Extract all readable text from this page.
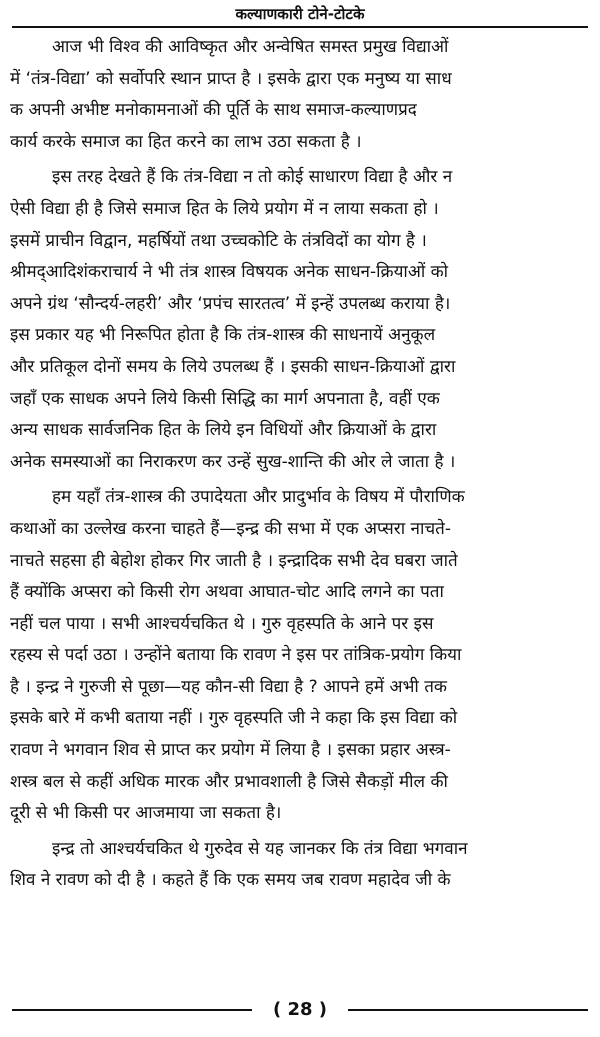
कल्याणकारी टोने-टोटके
आज भी विश्व की आविष्कृत और अन्वेषित समस्त प्रमुख विद्याओं
में ‘तंत्र-विद्या’ को सर्वोपरि स्थान प्राप्त है । इसके द्वारा एक मनुष्य या साध
क अपनी अभीष्ट मनोकामनाओं की पूर्ति के साथ समाज-कल्याणप्रद
कार्य करके समाज का हित करने का लाभ उठा सकता है ।
इस तरह देखते हैं कि तंत्र-विद्या न तो कोई साधारण विद्या है और न
ऐसी विद्या ही है जिसे समाज हित के लिये प्रयोग में न लाया सकता हो ।
इसमें प्राचीन विद्वान, महर्षियों तथा उच्चकोटि के तंत्रविदों का योग है ।
श्रीमद्आदिशंकराचार्य ने भी तंत्र शास्त्र विषयक अनेक साधन-क्रियाओं को
अपने ग्रंथ ‘सौन्दर्य-लहरी’ और ‘प्रपंच सारतत्व’ में इन्हें उपलब्ध कराया है।
इस प्रकार यह भी निरूपित होता है कि तंत्र-शास्त्र की साधनायें अनुकूल
और प्रतिकूल दोनों समय के लिये उपलब्ध हैं । इसकी साधन-क्रियाओं द्वारा
जहाँ एक साधक अपने लिये किसी सिद्धि का मार्ग अपनाता है, वहीं एक
अन्य साधक सार्वजनिक हित के लिये इन विधियों और क्रियाओं के द्वारा
अनेक समस्याओं का निराकरण कर उन्हें सुख-शान्ति की ओर ले जाता है ।
हम यहाँ तंत्र-शास्त्र की उपादेयता और प्रादुर्भाव के विषय में पौराणिक
कथाओं का उल्लेख करना चाहते हैं—इन्द्र की सभा में एक अप्सरा नाचते-
नाचते सहसा ही बेहोश होकर गिर जाती है । इन्द्रादिक सभी देव घबरा जाते
हैं क्योंकि अप्सरा को किसी रोग अथवा आघात-चोट आदि लगने का पता
नहीं चल पाया । सभी आश्चर्यचकित थे । गुरु वृहस्पति के आने पर इस
रहस्य से पर्दा उठा । उन्होंने बताया कि रावण ने इस पर तांत्रिक-प्रयोग किया
है । इन्द्र ने गुरुजी से पूछा—यह कौन-सी विद्या है ? आपने हमें अभी तक
इसके बारे में कभी बताया नहीं । गुरु वृहस्पति जी ने कहा कि इस विद्या को
रावण ने भगवान शिव से प्राप्त कर प्रयोग में लिया है । इसका प्रहार अस्त्र-
शस्त्र बल से कहीं अधिक मारक और प्रभावशाली है जिसे सैकड़ों मील की
दूरी से भी किसी पर आजमाया जा सकता है।
इन्द्र तो आश्चर्यचकित थे गुरुदेव से यह जानकर कि तंत्र विद्या भगवान
शिव ने रावण को दी है । कहते हैं कि एक समय जब रावण महादेव जी के
( 28 )
